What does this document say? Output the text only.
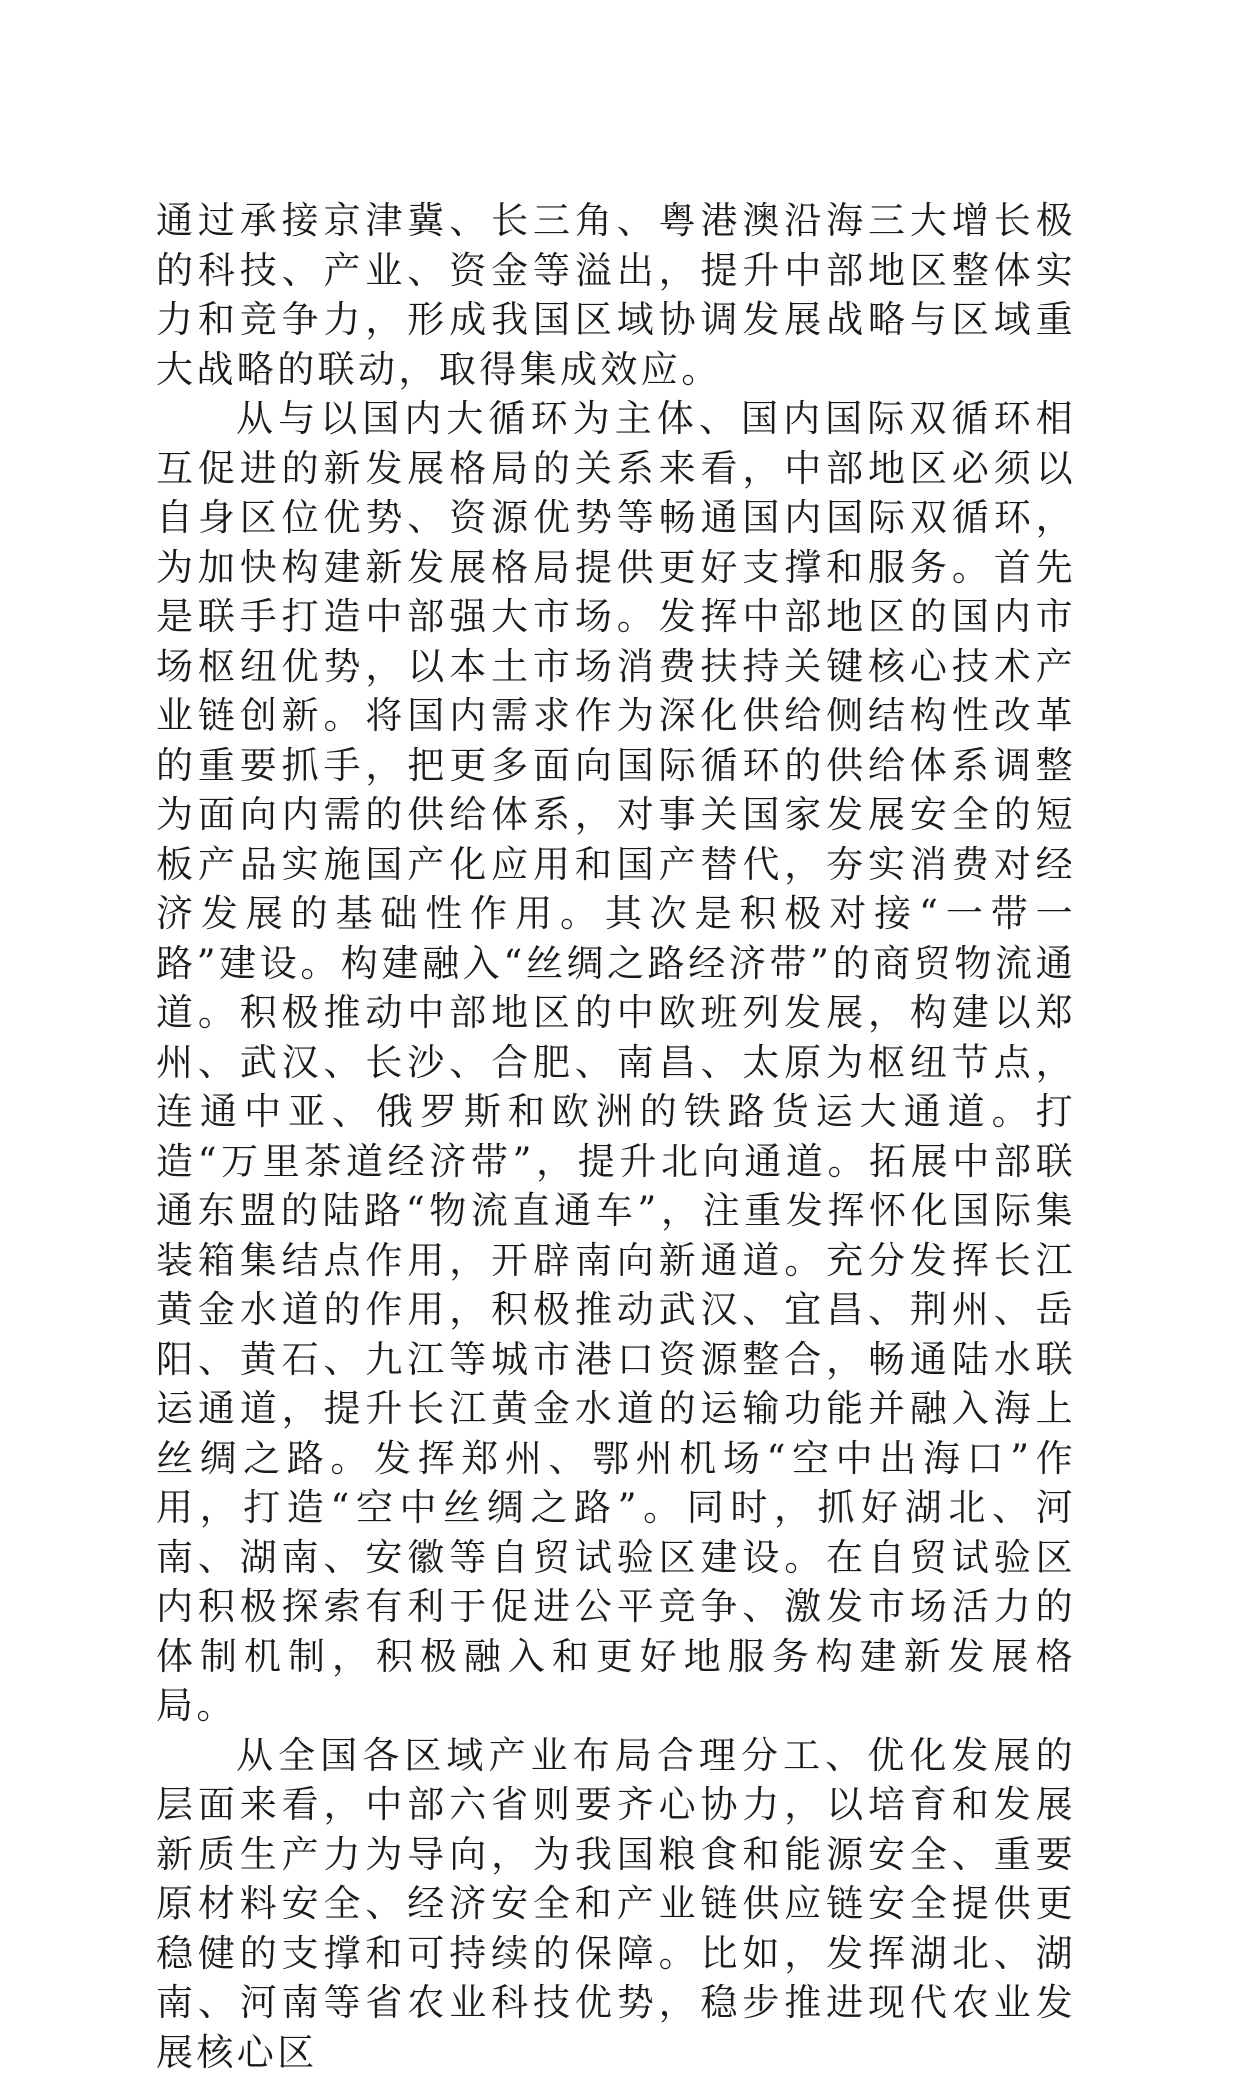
通过承接京津冀、长三角、粤港澳沿海三大增长极的科技、产业、资金等溢出，提升中部地区整体实力和竞争力，形成我国区域协调发展战略与区域重大战略的联动，取得集成效应。

从与以国内大循环为主体、国内国际双循环相互促进的新发展格局的关系来看，中部地区必须以自身区位优势、资源优势等畅通国内国际双循环，为加快构建新发展格局提供更好支撑和服务。首先是联手打造中部强大市场。发挥中部地区的国内市场枢纽优势，以本土市场消费扶持关键核心技术产业链创新。将国内需求作为深化供给侧结构性改革的重要抓手，把更多面向国际循环的供给体系调整为面向内需的供给体系，对事关国家发展安全的短板产品实施国产化应用和国产替代，夯实消费对经济发展的基础性作用。其次是积极对接“一带一路”建设。构建融入“丝绸之路经济带”的商贸物流通道。积极推动中部地区的中欧班列发展，构建以郑州、武汉、长沙、合肥、南昌、太原为枢纽节点，连通中亚、俄罗斯和欧洲的铁路货运大通道。打造“万里茶道经济带”，提升北向通道。拓展中部联通东盟的陆路“物流直通车”，注重发挥怀化国际集装箱集结点作用，开辟南向新通道。充分发挥长江黄金水道的作用，积极推动武汉、宜昌、荆州、岳阳、黄石、九江等城市港口资源整合，畅通陆水联运通道，提升长江黄金水道的运输功能并融入海上丝绸之路。发挥郑州、鄂州机场“空中出海口”作用，打造“空中丝绸之路”。同时，抓好湖北、河南、湖南、安徽等自贸试验区建设。在自贸试验区内积极探索有利于促进公平竞争、激发市场活力的体制机制，积极融入和更好地服务构建新发展格局。

从全国各区域产业布局合理分工、优化发展的层面来看，中部六省则要齐心协力，以培育和发展新质生产力为导向，为我国粮食和能源安全、重要原材料安全、经济安全和产业链供应链安全提供更稳健的支撑和可持续的保障。比如，发挥湖北、湖南、河南等省农业科技优势，稳步推进现代农业发展核心区
